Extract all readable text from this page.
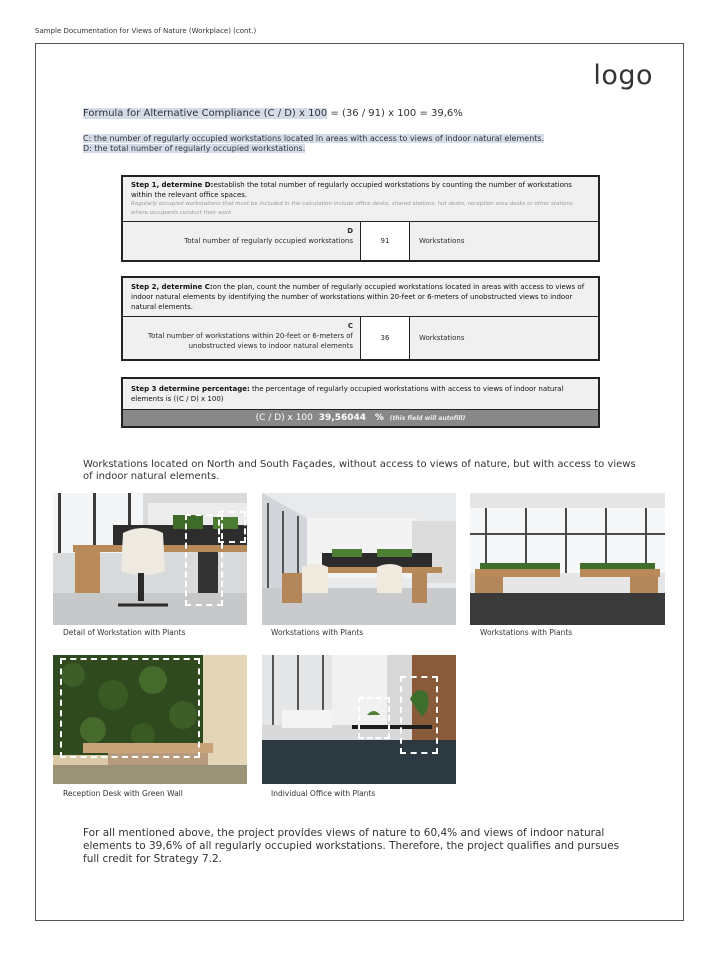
Sample Documentation for Views of Nature (Workplace) (cont.)
logo
Formula for Alternative Compliance (C / D) x 100 = (36 / 91) x 100 = 39,6%
C: the number of regularly occupied workstations located in areas with access to views of indoor natural elements.
D: the total number of regularly occupied workstations.
Step 1, determine D:establish the total number of regularly occupied workstations by counting the number of workstations within the relevant office spaces.
Regularly occupied workstations that must be included in the calculation include office desks, shared stations, hot desks, reception area desks or other stations where occupants conduct their work.
D
Total number of regularly occupied workstations	91	Workstations
Step 2, determine C:on the plan, count the number of regularly occupied workstations located in areas with access to views of indoor natural elements by identifying the number of workstations within 20-feet or 6-meters of unobstructed views to indoor natural elements.
C
Total number of workstations within 20-feet or 6-meters of unobstructed views to indoor natural elements
36	Workstations
Step 3 determine percentage: the percentage of regularly occupied workstations with access to views of indoor natural elements is ((C / D) x 100)
(C / D) x 100 39,56044 % (this field will autofill)
Workstations located on North and South Façades, without access to views of nature, but with access to views of indoor natural elements.
Detail of Workstation with Plants	Workstations with Plants	Workstations with Plants
Reception Desk with Green Wall	Individual Office with Plants
For all mentioned above, the project provides views of nature to 60,4% and views of indoor natural elements to 39,6% of all regularly occupied workstations. Therefore, the project qualifies and pursues full credit for Strategy 7.2.
